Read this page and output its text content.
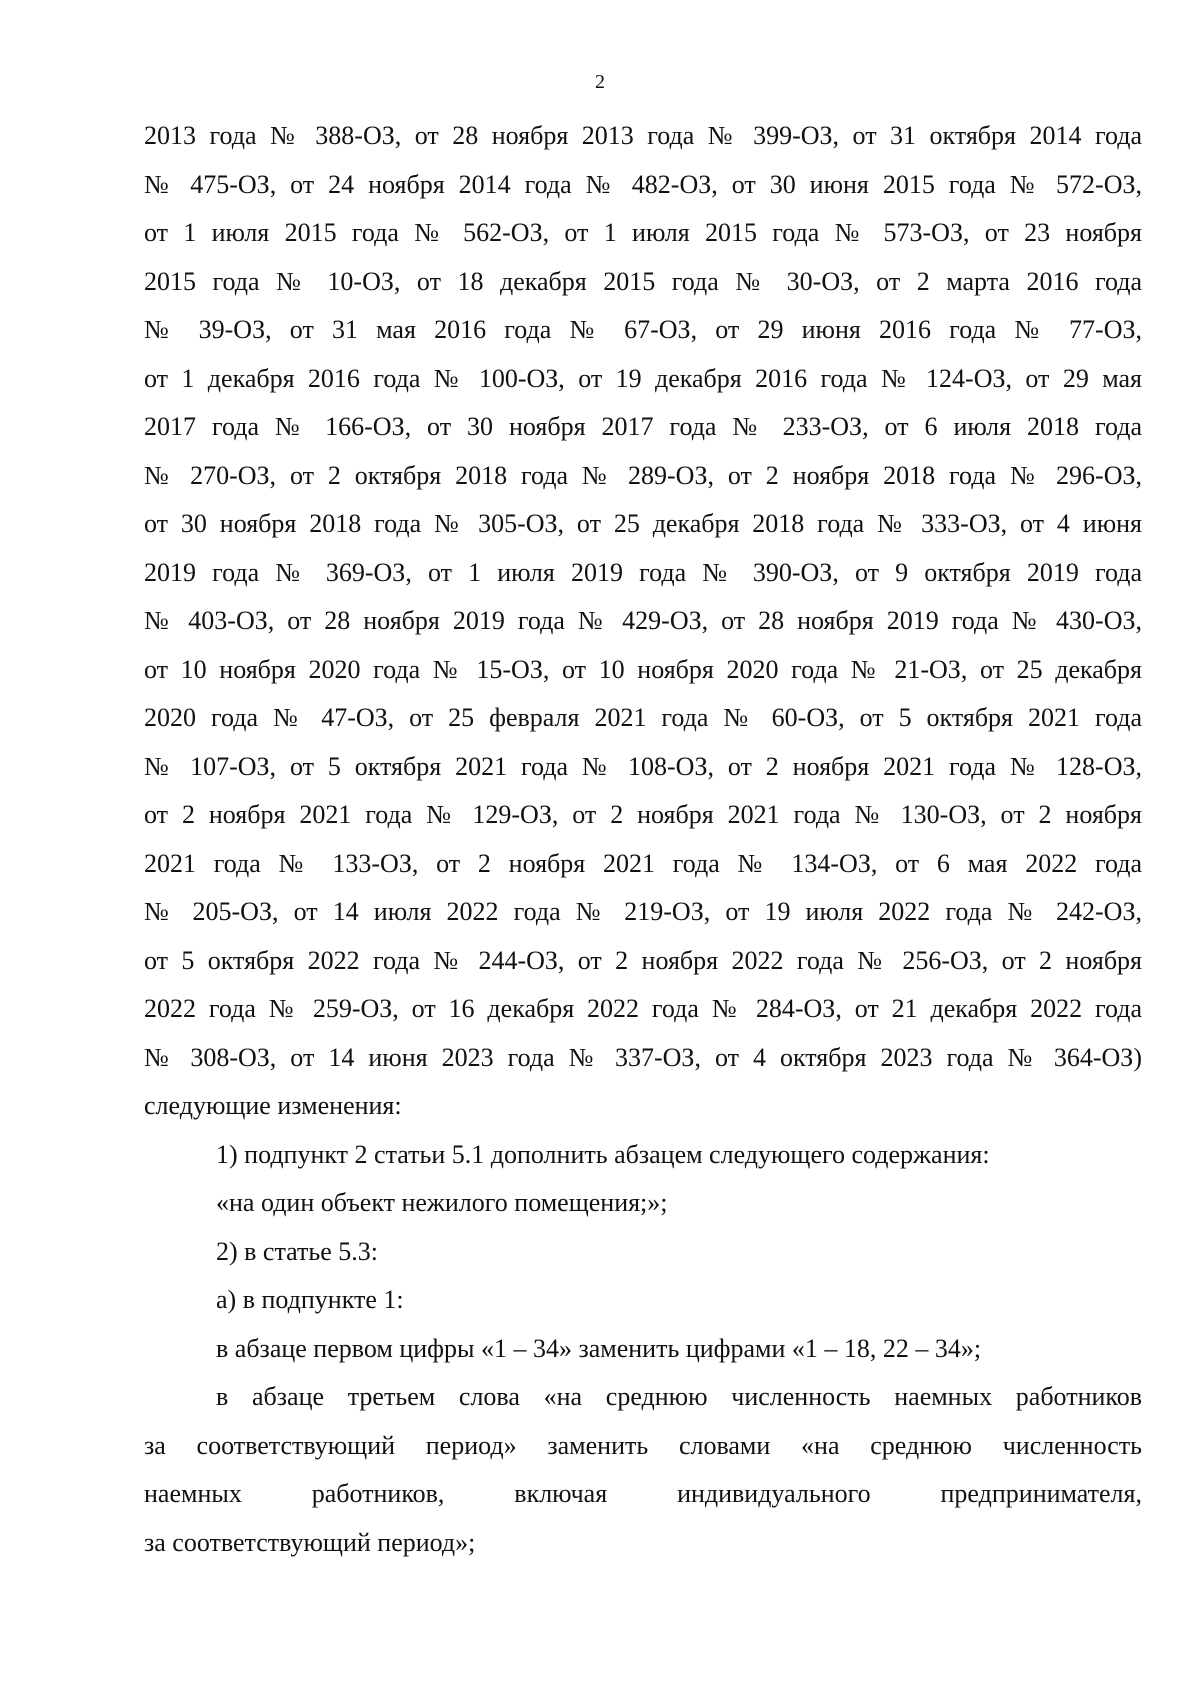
2
2013 года № 388-ОЗ, от 28 ноября 2013 года № 399-ОЗ, от 31 октября 2014 года
№ 475-ОЗ, от 24 ноября 2014 года № 482-ОЗ, от 30 июня 2015 года № 572-ОЗ,
от 1 июля 2015 года № 562-ОЗ, от 1 июля 2015 года № 573-ОЗ, от 23 ноября
2015 года № 10-ОЗ, от 18 декабря 2015 года № 30-ОЗ, от 2 марта 2016 года
№ 39-ОЗ, от 31 мая 2016 года № 67-ОЗ, от 29 июня 2016 года № 77-ОЗ,
от 1 декабря 2016 года № 100-ОЗ, от 19 декабря 2016 года № 124-ОЗ, от 29 мая
2017 года № 166-ОЗ, от 30 ноября 2017 года № 233-ОЗ, от 6 июля 2018 года
№ 270-ОЗ, от 2 октября 2018 года № 289-ОЗ, от 2 ноября 2018 года № 296-ОЗ,
от 30 ноября 2018 года № 305-ОЗ, от 25 декабря 2018 года № 333-ОЗ, от 4 июня
2019 года № 369-ОЗ, от 1 июля 2019 года № 390-ОЗ, от 9 октября 2019 года
№ 403-ОЗ, от 28 ноября 2019 года № 429-ОЗ, от 28 ноября 2019 года № 430-ОЗ,
от 10 ноября 2020 года № 15-ОЗ, от 10 ноября 2020 года № 21-ОЗ, от 25 декабря
2020 года № 47-ОЗ, от 25 февраля 2021 года № 60-ОЗ, от 5 октября 2021 года
№ 107-ОЗ, от 5 октября 2021 года № 108-ОЗ, от 2 ноября 2021 года № 128-ОЗ,
от 2 ноября 2021 года № 129-ОЗ, от 2 ноября 2021 года № 130-ОЗ, от 2 ноября
2021 года № 133-ОЗ, от 2 ноября 2021 года № 134-ОЗ, от 6 мая 2022 года
№ 205-ОЗ, от 14 июля 2022 года № 219-ОЗ, от 19 июля 2022 года № 242-ОЗ,
от 5 октября 2022 года № 244-ОЗ, от 2 ноября 2022 года № 256-ОЗ, от 2 ноября
2022 года № 259-ОЗ, от 16 декабря 2022 года № 284-ОЗ, от 21 декабря 2022 года
№ 308-ОЗ, от 14 июня 2023 года № 337-ОЗ, от 4 октября 2023 года № 364-ОЗ)
следующие изменения:
1) подпункт 2 статьи 5.1 дополнить абзацем следующего содержания:
«на один объект нежилого помещения;»;
2) в статье 5.3:
а) в подпункте 1:
в абзаце первом цифры «1 – 34» заменить цифрами «1 – 18, 22 – 34»;
в абзаце третьем слова «на среднюю численность наемных работников
за соответствующий период» заменить словами «на среднюю численность
наемных работников, включая индивидуального предпринимателя,
за соответствующий период»;
